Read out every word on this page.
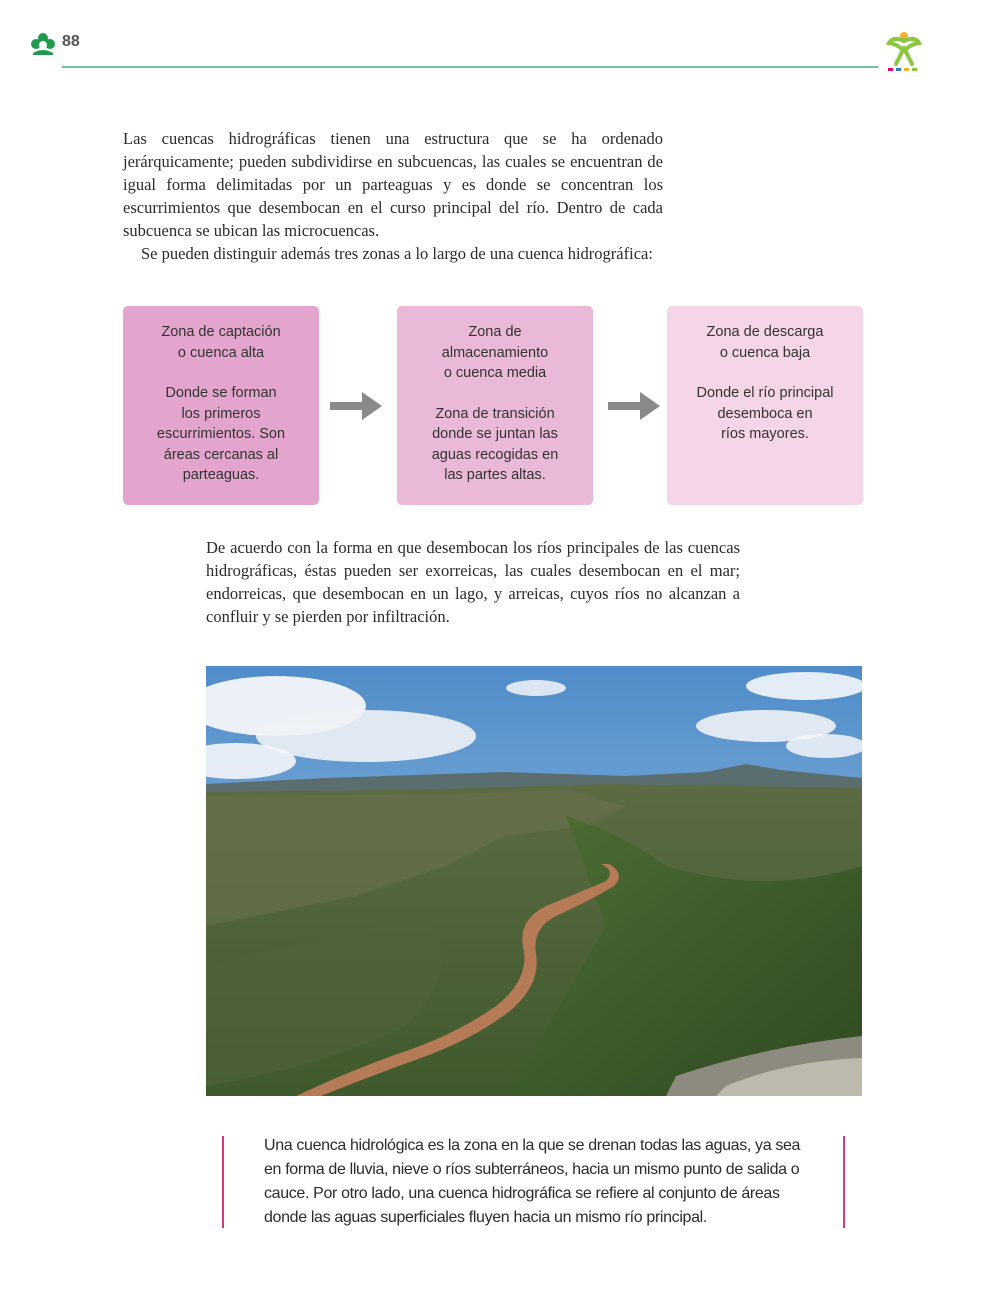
88

Las cuencas hidrográficas tienen una estructura que se ha ordenado jerárquicamente; pueden subdividirse en subcuencas, las cuales se encuentran de igual forma delimitadas por un parteaguas y es donde se concentran los escurrimientos que desembocan en el curso principal del río. Dentro de cada subcuenca se ubican las microcuencas.

Se pueden distinguir además tres zonas a lo largo de una cuenca hidrográfica:

Zona de captación
o cuenca alta
Donde se forman
los primeros
escurrimientos. Son
áreas cercanas al
parteaguas.
Zona de
almacenamiento
o cuenca media
Zona de transición
donde se juntan las
aguas recogidas en
las partes altas.
Zona de descarga
o cuenca baja
Donde el río principal
desemboca en
ríos mayores.

De acuerdo con la forma en que desembocan los ríos principales de las cuencas hidrográficas, éstas pueden ser exorreicas, las cuales desembocan en el mar; endorreicas, que desembocan en un lago, y arreicas, cuyos ríos no alcanzan a confluir y se pierden por infiltración.

Una cuenca hidrológica es la zona en la que se drenan todas las aguas, ya sea en forma de lluvia, nieve o ríos subterráneos, hacia un mismo punto de salida o cauce. Por otro lado, una cuenca hidrográfica se refiere al conjunto de áreas donde las aguas superficiales fluyen hacia un mismo río principal.
